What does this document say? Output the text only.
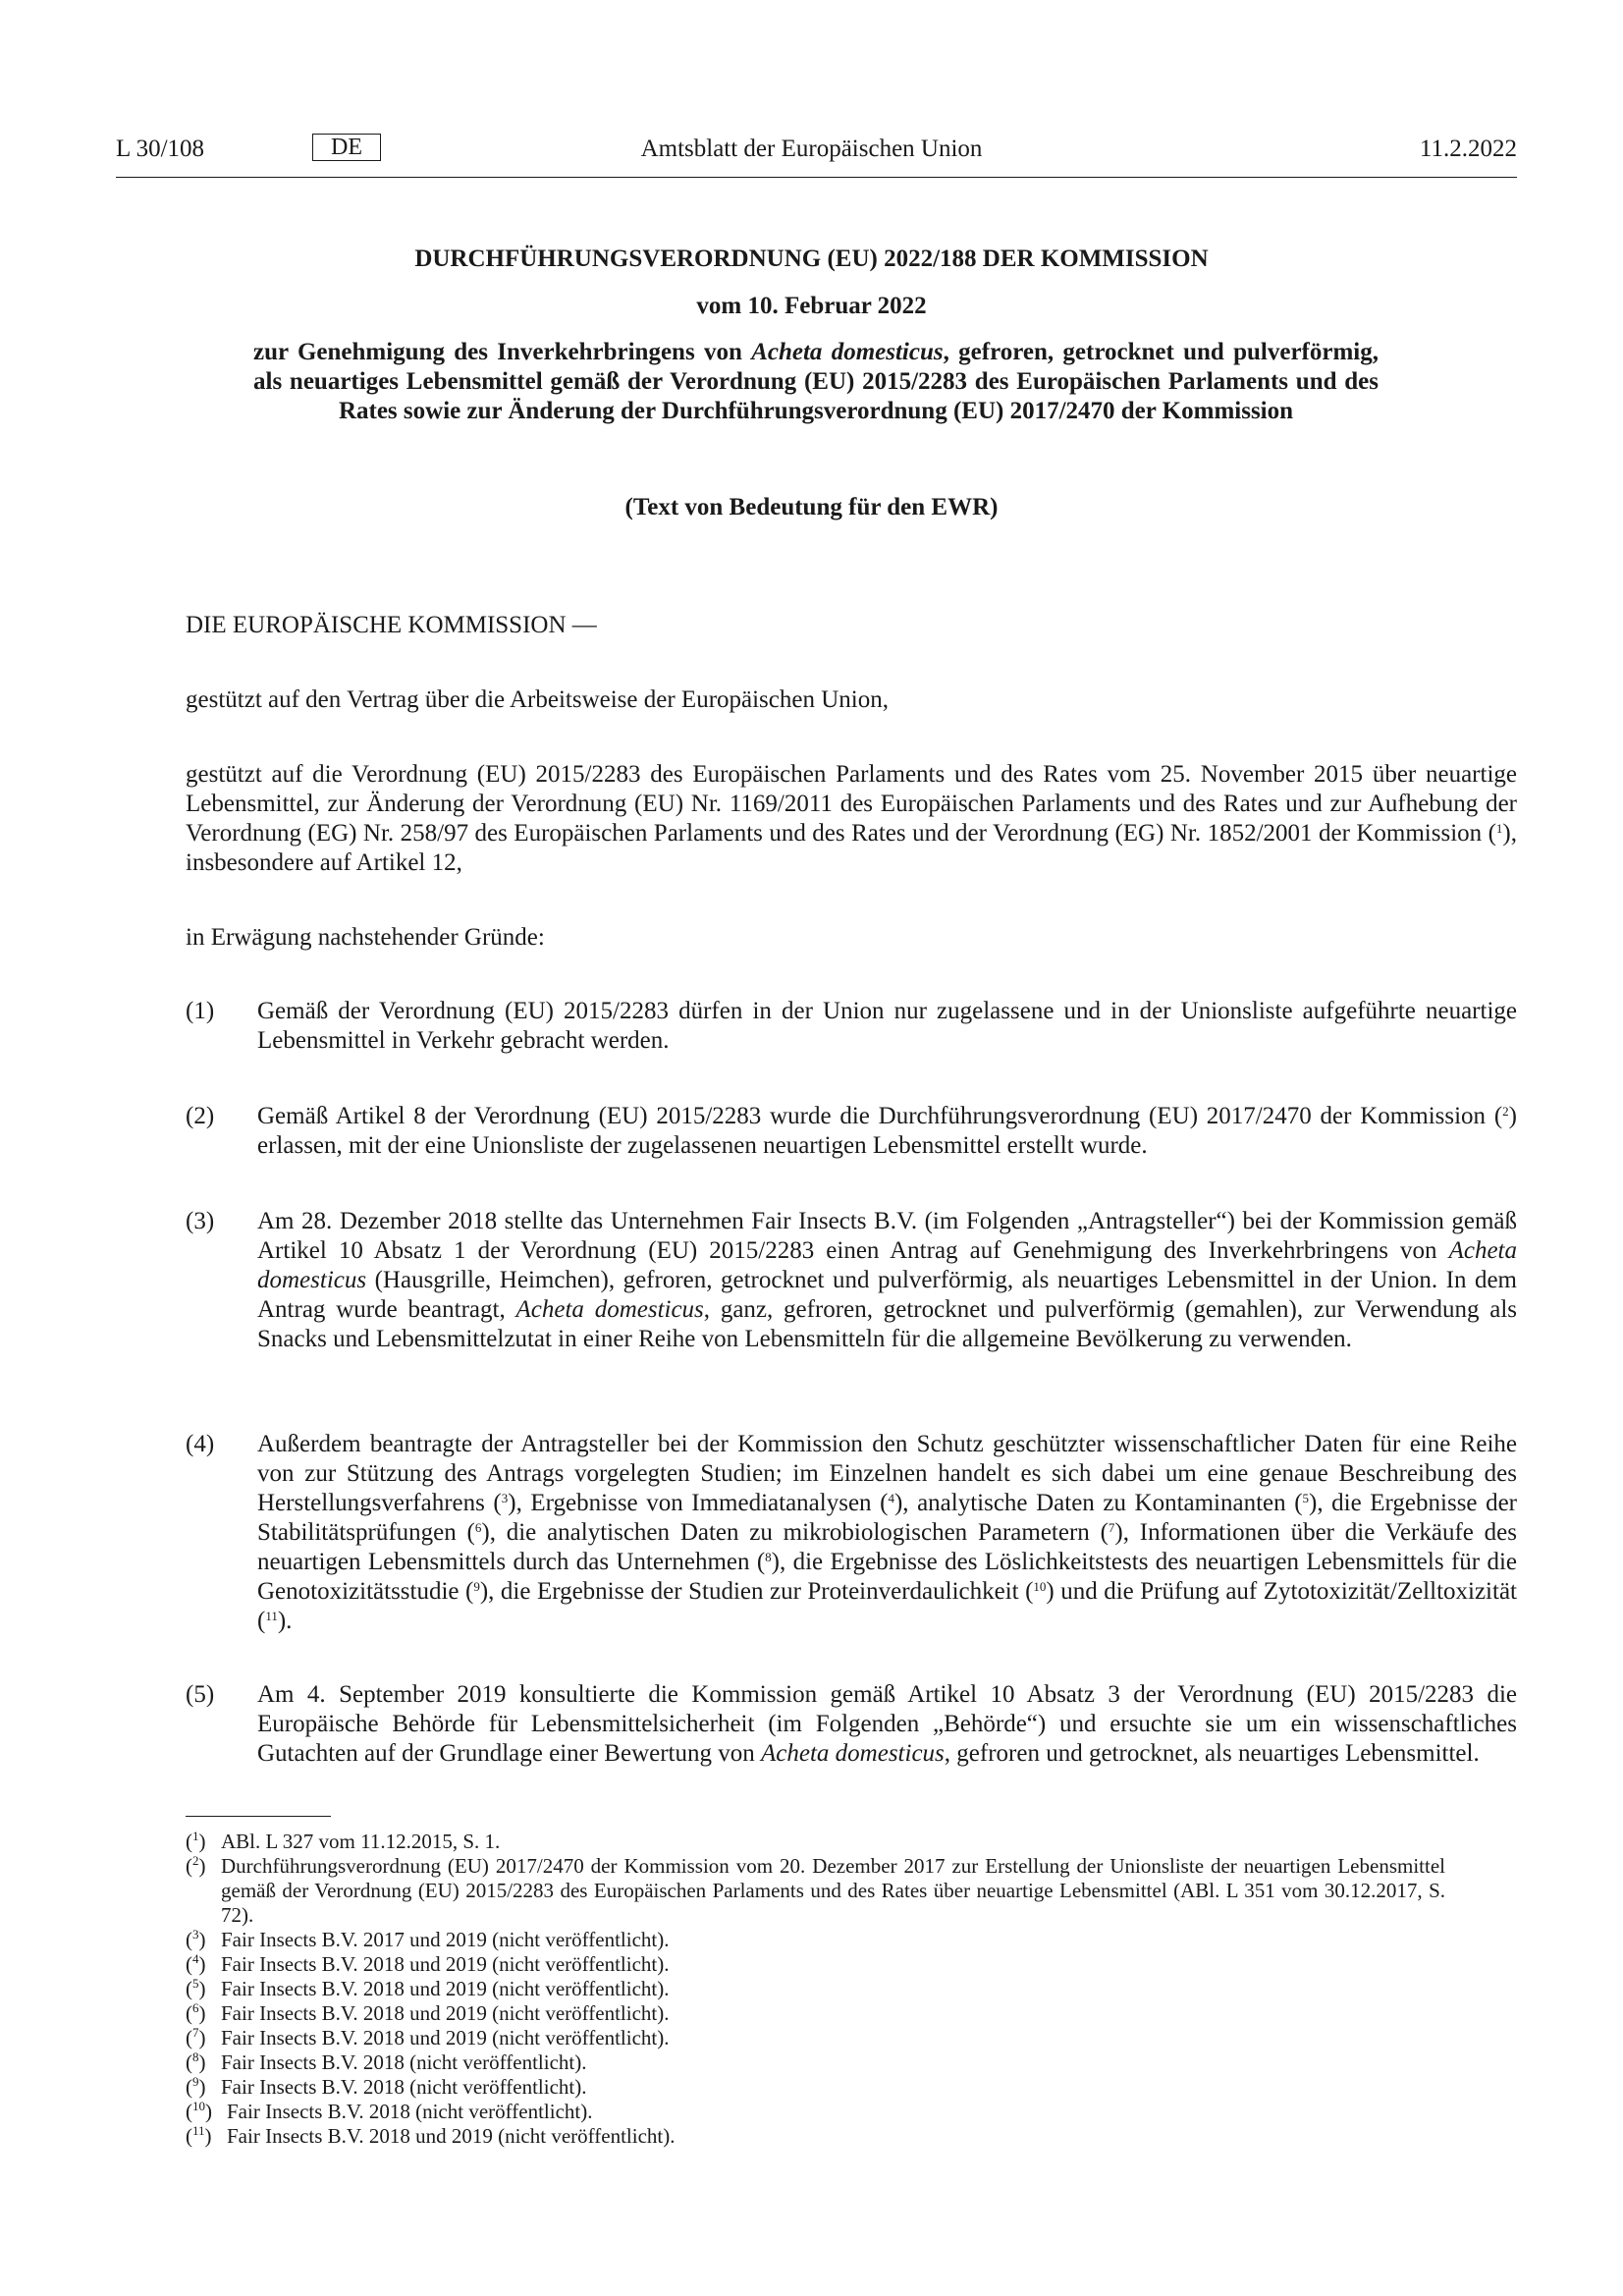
Amtsblatt der Europäischen Union
L 30/108	DE	11.2.2022
DURCHFÜHRUNGSVERORDNUNG (EU) 2022/188 DER KOMMISSION
vom 10. Februar 2022
zur Genehmigung des Inverkehrbringens von Acheta domesticus, gefroren, getrocknet und pulverförmig, als neuartiges Lebensmittel gemäß der Verordnung (EU) 2015/2283 des Europäischen Parlaments und des Rates sowie zur Änderung der Durchführungsverordnung (EU) 2017/2470 der Kommission
(Text von Bedeutung für den EWR)
DIE EUROPÄISCHE KOMMISSION —
gestützt auf den Vertrag über die Arbeitsweise der Europäischen Union,
gestützt auf die Verordnung (EU) 2015/2283 des Europäischen Parlaments und des Rates vom 25. November 2015 über neuartige Lebensmittel, zur Änderung der Verordnung (EU) Nr. 1169/2011 des Europäischen Parlaments und des Rates und zur Aufhebung der Verordnung (EG) Nr. 258/97 des Europäischen Parlaments und des Rates und der Verordnung (EG) Nr. 1852/2001 der Kommission ($^1$), insbesondere auf Artikel 12,
in Erwägung nachstehender Gründe:
(1) Gemäß der Verordnung (EU) 2015/2283 dürfen in der Union nur zugelassene und in der Unionsliste aufgeführte neuartige Lebensmittel in Verkehr gebracht werden.
(2) Gemäß Artikel 8 der Verordnung (EU) 2015/2283 wurde die Durchführungsverordnung (EU) 2017/2470 der Kommission ($^2$) erlassen, mit der eine Unionsliste der zugelassenen neuartigen Lebensmittel erstellt wurde.
(3) Am 28. Dezember 2018 stellte das Unternehmen Fair Insects B.V. (im Folgenden „Antragsteller“) bei der Kommission gemäß Artikel 10 Absatz 1 der Verordnung (EU) 2015/2283 einen Antrag auf Genehmigung des Inverkehrbringens von Acheta domesticus (Hausgrille, Heimchen), gefroren, getrocknet und pulverförmig, als neuartiges Lebensmittel in der Union. In dem Antrag wurde beantragt, Acheta domesticus, ganz, gefroren, getrocknet und pulverförmig (gemahlen), zur Verwendung als Snacks und Lebensmittelzutat in einer Reihe von Lebensmitteln für die allgemeine Bevölkerung zu verwenden.
(4) Außerdem beantragte der Antragsteller bei der Kommission den Schutz geschützter wissenschaftlicher Daten für eine Reihe von zur Stützung des Antrags vorgelegten Studien; im Einzelnen handelt es sich dabei um eine genaue Beschreibung des Herstellungsverfahrens ($^3$), Ergebnisse von Immediatanalysen ($^4$), analytische Daten zu Kontaminanten ($^5$), die Ergebnisse der Stabilitätsprüfungen ($^6$), die analytischen Daten zu mikrobiologischen Parametern ($^7$), Informationen über die Verkäufe des neuartigen Lebensmittels durch das Unternehmen ($^8$), die Ergebnisse des Löslichkeitstests des neuartigen Lebensmittels für die Genotoxizitätsstudie ($^9$), die Ergebnisse der Studien zur Proteinverdaulichkeit ($^{10}$) und die Prüfung auf Zytotoxizität/Zelltoxizität ($^{11}$).
(5) Am 4. September 2019 konsultierte die Kommission gemäß Artikel 10 Absatz 3 der Verordnung (EU) 2015/2283 die Europäische Behörde für Lebensmittelsicherheit (im Folgenden „Behörde“) und ersuchte sie um ein wissenschaftliches Gutachten auf der Grundlage einer Bewertung von Acheta domesticus, gefroren und getrocknet, als neuartiges Lebensmittel.
($^1$) ABl. L 327 vom 11.12.2015, S. 1.
($^2$) Durchführungsverordnung (EU) 2017/2470 der Kommission vom 20. Dezember 2017 zur Erstellung der Unionsliste der neuartigen Lebensmittel gemäß der Verordnung (EU) 2015/2283 des Europäischen Parlaments und des Rates über neuartige Lebensmittel (ABl. L 351 vom 30.12.2017, S. 72).
($^3$) Fair Insects B.V. 2017 und 2019 (nicht veröffentlicht).
($^4$) Fair Insects B.V. 2018 und 2019 (nicht veröffentlicht).
($^5$) Fair Insects B.V. 2018 und 2019 (nicht veröffentlicht).
($^6$) Fair Insects B.V. 2018 und 2019 (nicht veröffentlicht).
($^7$) Fair Insects B.V. 2018 und 2019 (nicht veröffentlicht).
($^8$) Fair Insects B.V. 2018 (nicht veröffentlicht).
($^9$) Fair Insects B.V. 2018 (nicht veröffentlicht).
($^{10}$) Fair Insects B.V. 2018 (nicht veröffentlicht).
($^{11}$) Fair Insects B.V. 2018 und 2019 (nicht veröffentlicht).
